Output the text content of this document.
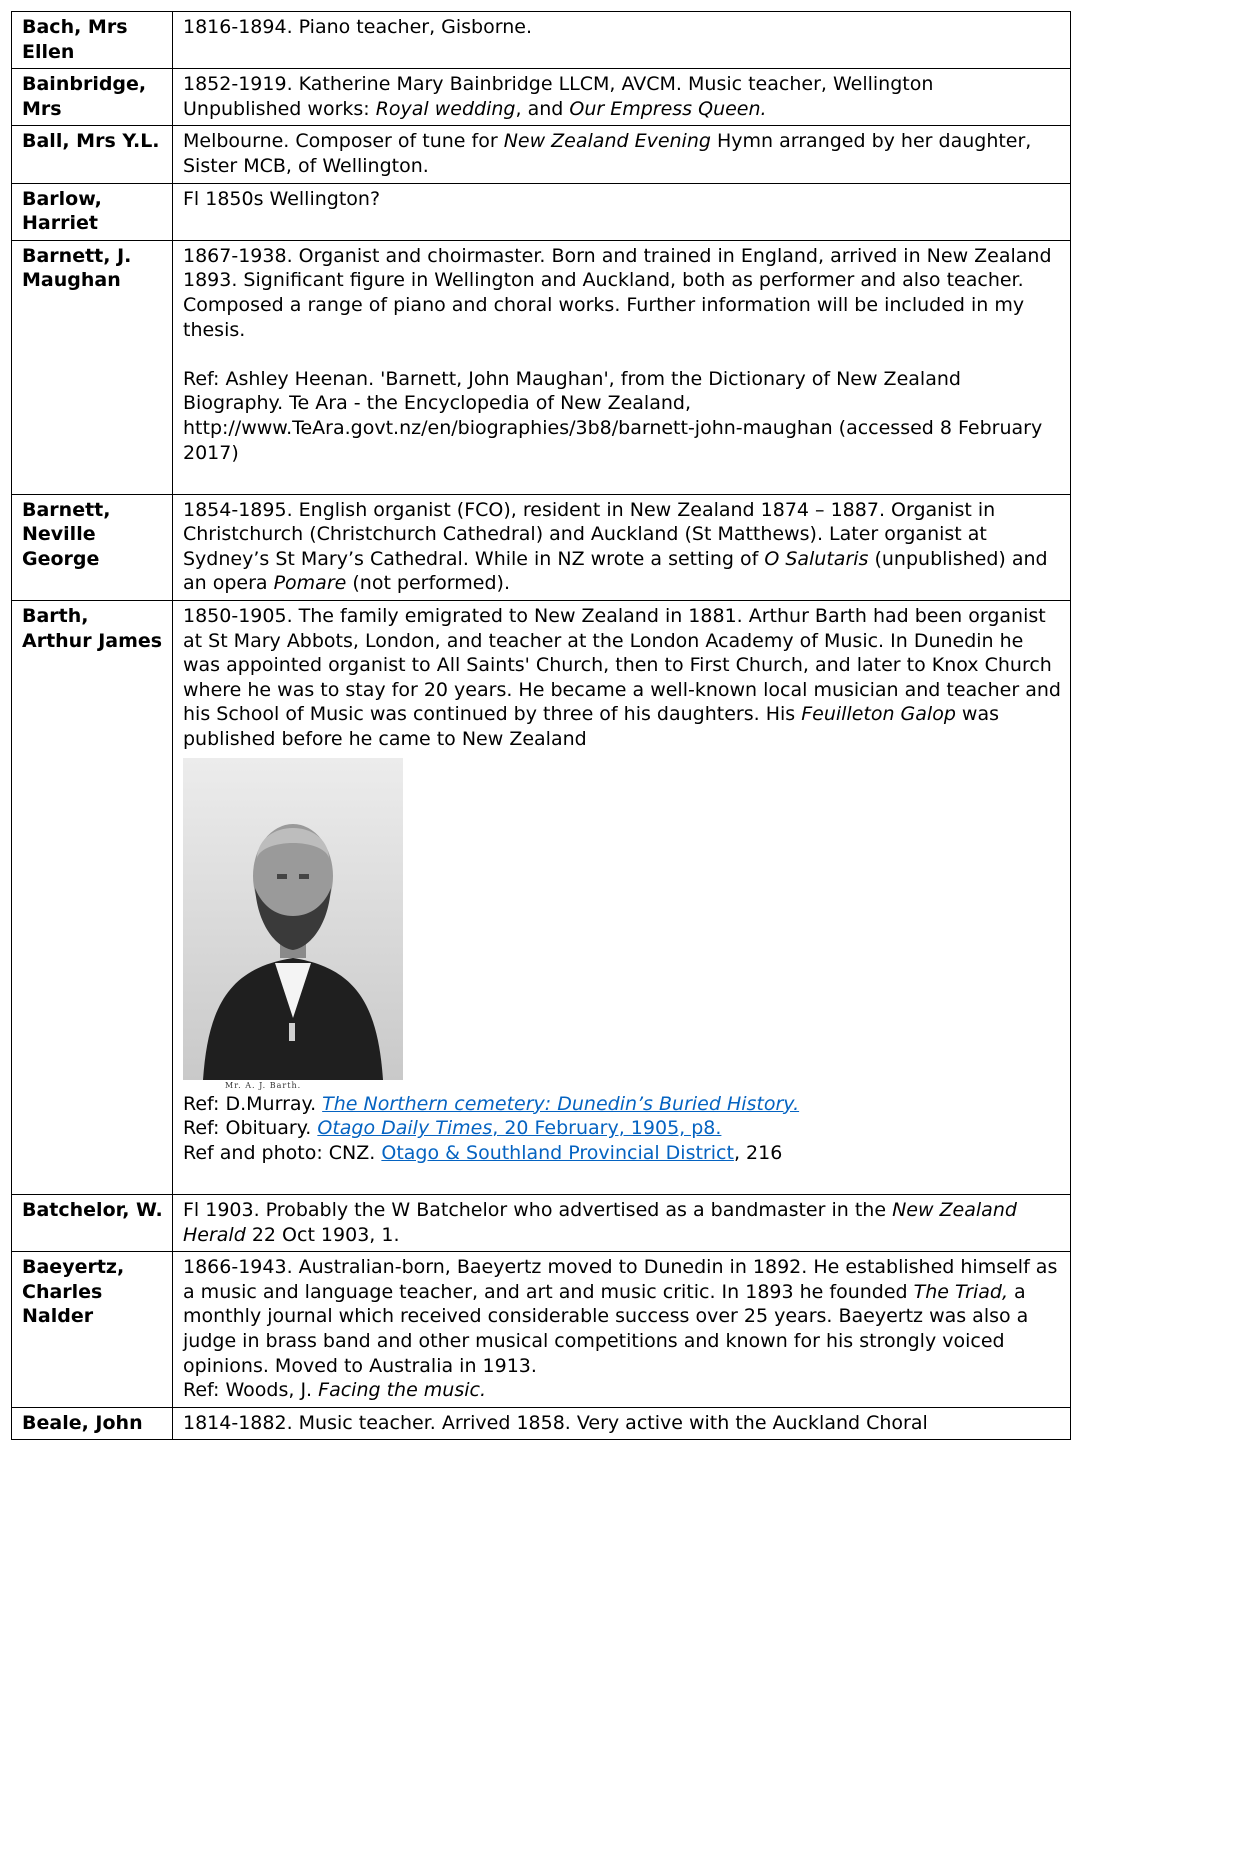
Bach, Mrs Ellen	1816-1894. Piano teacher, Gisborne.

Bainbridge, Mrs	1852-1919. Katherine Mary Bainbridge LLCM, AVCM. Music teacher, Wellington
Unpublished works: Royal wedding, and Our Empress Queen.

Ball, Mrs Y.L.	Melbourne. Composer of tune for New Zealand Evening Hymn arranged by her daughter, Sister MCB, of Wellington.

Barlow, Harriet	Fl 1850s Wellington?

Barnett, J. Maughan	1867-1938. Organist and choirmaster. Born and trained in England, arrived in New Zealand 1893. Significant figure in Wellington and Auckland, both as performer and also teacher. Composed a range of piano and choral works. Further information will be included in my thesis.
Ref: Ashley Heenan. 'Barnett, John Maughan', from the Dictionary of New Zealand Biography. Te Ara - the Encyclopedia of New Zealand, http://www.TeAra.govt.nz/en/biographies/3b8/barnett-john-maughan (accessed 8 February 2017)

Barnett, Neville George	1854-1895. English organist (FCO), resident in New Zealand 1874 – 1887. Organist in Christchurch (Christchurch Cathedral) and Auckland (St Matthews). Later organist at Sydney’s St Mary’s Cathedral. While in NZ wrote a setting of O Salutaris (unpublished) and an opera Pomare (not performed).

Barth, Arthur James	1850-1905. The family emigrated to New Zealand in 1881. Arthur Barth had been organist at St Mary Abbots, London, and teacher at the London Academy of Music. In Dunedin he was appointed organist to All Saints' Church, then to First Church, and later to Knox Church where he was to stay for 20 years. He became a well-known local musician and teacher and his School of Music was continued by three of his daughters. His Feuilleton Galop was published before he came to New Zealand
Mr. A. J. Barth.
Ref: D.Murray. The Northern cemetery: Dunedin’s Buried History.
Ref: Obituary. Otago Daily Times, 20 February, 1905, p8.
Ref and photo: CNZ. Otago & Southland Provincial District, 216

Batchelor, W.	Fl 1903. Probably the W Batchelor who advertised as a bandmaster in the New Zealand Herald 22 Oct 1903, 1.

Baeyertz, Charles Nalder	1866-1943. Australian-born, Baeyertz moved to Dunedin in 1892. He established himself as a music and language teacher, and art and music critic. In 1893 he founded The Triad, a monthly journal which received considerable success over 25 years. Baeyertz was also a judge in brass band and other musical competitions and known for his strongly voiced opinions. Moved to Australia in 1913.
Ref: Woods, J. Facing the music.

Beale, John	1814-1882. Music teacher. Arrived 1858. Very active with the Auckland Choral
